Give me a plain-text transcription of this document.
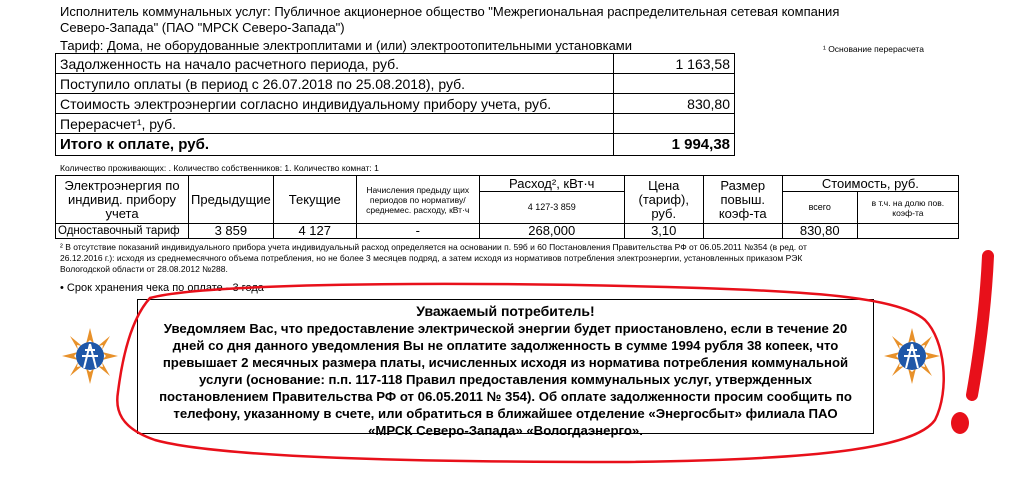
Исполнитель коммунальных услуг: Публичное акционерное общество "Межрегиональная распределительная сетевая компания
Северо-Запада" (ПАО "МРСК Северо-Запада")
Тариф: Дома, не оборудованные электроплитами и (или) электроотопительными установками	¹ Основание перерасчета
Задолженность на начало расчетного периода, руб.	1 163,58
Поступило оплаты (в период с 26.07.2018 по 25.08.2018), руб.	
Стоимость электроэнергии согласно индивидуальному прибору учета, руб.	830,80
Перерасчет¹, руб.	
Итого к оплате, руб.	1 994,38
Количество проживающих: . Количество собственников: 1. Количество комнат: 1
Электроэнергия по индивид. прибору учета	Предыдущие	Текущие	Начисления предыду щих периодов по нормативу/среднемес. расходу, кВт·ч	Расход², кВт·ч	Цена (тариф), руб.	Размер повыш. коэф-та	Стоимость, руб.	
				4 127-3 859			всего	в т.ч. на долю пов. коэф-та
Одноставочный тариф	3 859	4 127	-	268,000	3,10		830,80	
² В отсутствие показаний индивидуального прибора учета индивидуальный расход определяется на основании п. 59б и 60 Постановления Правительства РФ от 06.05.2011 №354 (в ред. от
26.12.2016 г.): исходя из среднемесячного объема потребления, но не более 3 месяцев подряд, а затем исходя из нормативов потребления электроэнергии, установленных приказом РЭК
Вологодской области от 28.08.2012 №288.
• Срок хранения чека по оплате - 3 года
Уважаемый потребитель!
Уведомляем Вас, что предоставление электрической энергии будет приостановлено, если в течение 20
дней со дня данного уведомления Вы не оплатите задолженность в сумме 1994 рубля 38 копеек, что
превышает 2 месячных размера платы, исчисленных исходя из норматива потребления коммунальной
услуги (основание: п.п. 117-118 Правил предоставления коммунальных услуг, утвержденных
постановлением Правительства РФ от 06.05.2011 № 354). Об оплате задолженности просим сообщить по
телефону, указанному в счете, или обратиться в ближайшее отделение «Энергосбыт» филиала ПАО
«МРСК Северо-Запада» «Вологдаэнерго».
